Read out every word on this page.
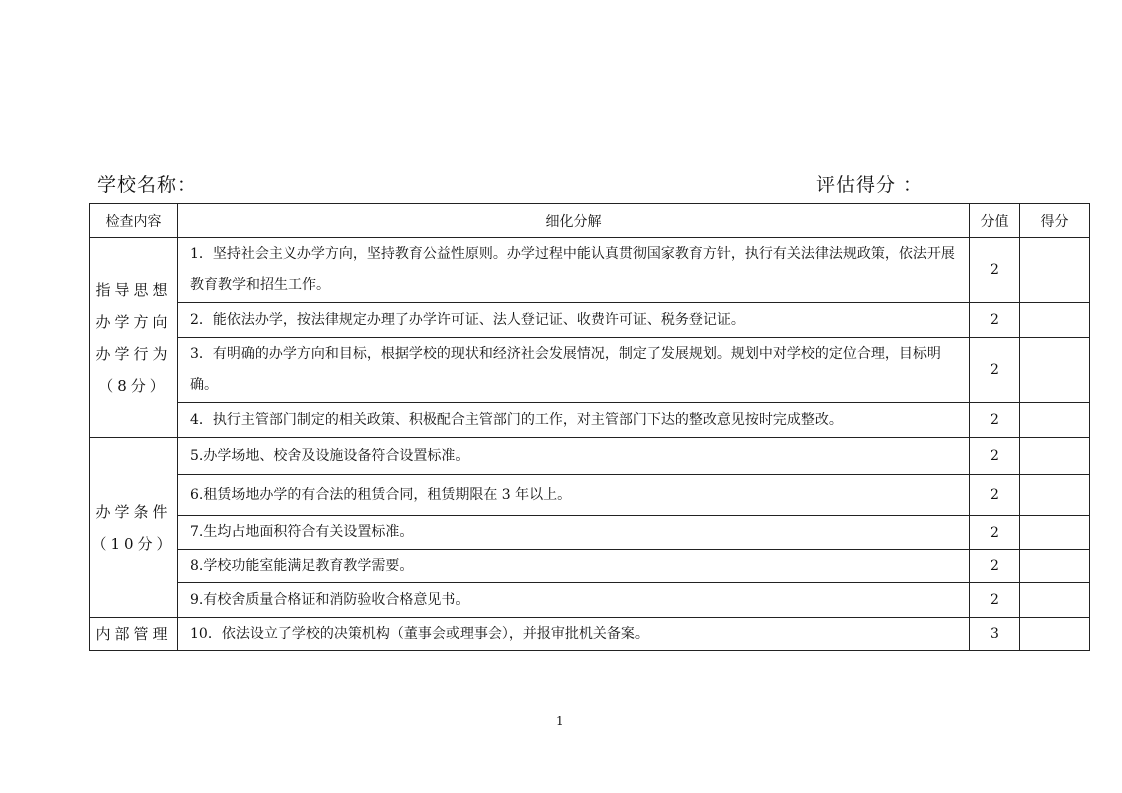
学校名称：	评估得分 ：
检查内容	细化分解	分值	得分

指导思想
办学方向
办学行为
（8分）	1．坚持社会主义办学方向，坚持教育公益性原则。办学过程中能认真贯彻国家教育方针，执行有关法律法规政策，依法开展教育教学和招生工作。	2	
	2．能依法办学，按法律规定办理了办学许可证、法人登记证、收费许可证、税务登记证。	2	
	3．有明确的办学方向和目标，根据学校的现状和经济社会发展情况，制定了发展规划。规划中对学校的定位合理，目标明确。	2	
	4．执行主管部门制定的相关政策、积极配合主管部门的工作，对主管部门下达的整改意见按时完成整改。	2	

办学条件
（10分）	5.办学场地、校舍及设施设备符合设置标准。	2	
	6.租赁场地办学的有合法的租赁合同，租赁期限在 3 年以上。	2	
	7.生均占地面积符合有关设置标准。	2	
	8.学校功能室能满足教育教学需要。	2	
	9.有校舍质量合格证和消防验收合格意见书。	2	

内部管理	10．依法设立了学校的决策机构（董事会或理事会），并报审批机关备案。	3	
1
